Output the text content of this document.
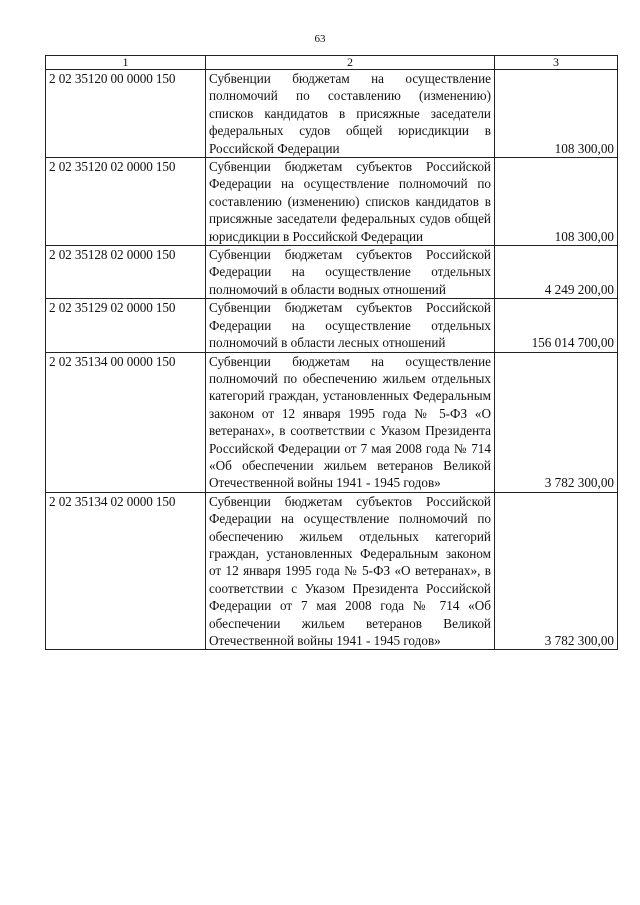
63
1	2	3
2 02 35120 00 0000 150	Субвенции бюджетам на осуществление полномочий по составлению (изменению) списков кандидатов в присяжные заседатели федеральных судов общей юрисдикции в Российской Федерации	108 300,00
2 02 35120 02 0000 150	Субвенции бюджетам субъектов Российской Федерации на осуществление полномочий по составлению (изменению) списков кандидатов в присяжные заседатели федеральных судов общей юрисдикции в Российской Федерации	108 300,00
2 02 35128 02 0000 150	Субвенции бюджетам субъектов Российской Федерации на осуществление отдельных полномочий в области водных отношений	4 249 200,00
2 02 35129 02 0000 150	Субвенции бюджетам субъектов Российской Федерации на осуществление отдельных полномочий в области лесных отношений	156 014 700,00
2 02 35134 00 0000 150	Субвенции бюджетам на осуществление полномочий по обеспечению жильем отдельных категорий граждан, установленных Федеральным законом от 12 января 1995 года № 5-ФЗ «О ветеранах», в соответствии с Указом Президента Российской Федерации от 7 мая 2008 года № 714 «Об обеспечении жильем ветеранов Великой Отечественной войны 1941 - 1945 годов»	3 782 300,00
2 02 35134 02 0000 150	Субвенции бюджетам субъектов Российской Федерации на осуществление полномочий по обеспечению жильем отдельных категорий граждан, установленных Федеральным законом от 12 января 1995 года № 5-ФЗ «О ветеранах», в соответствии с Указом Президента Российской Федерации от 7 мая 2008 года № 714 «Об обеспечении жильем ветеранов Великой Отечественной войны 1941 - 1945 годов»	3 782 300,00
